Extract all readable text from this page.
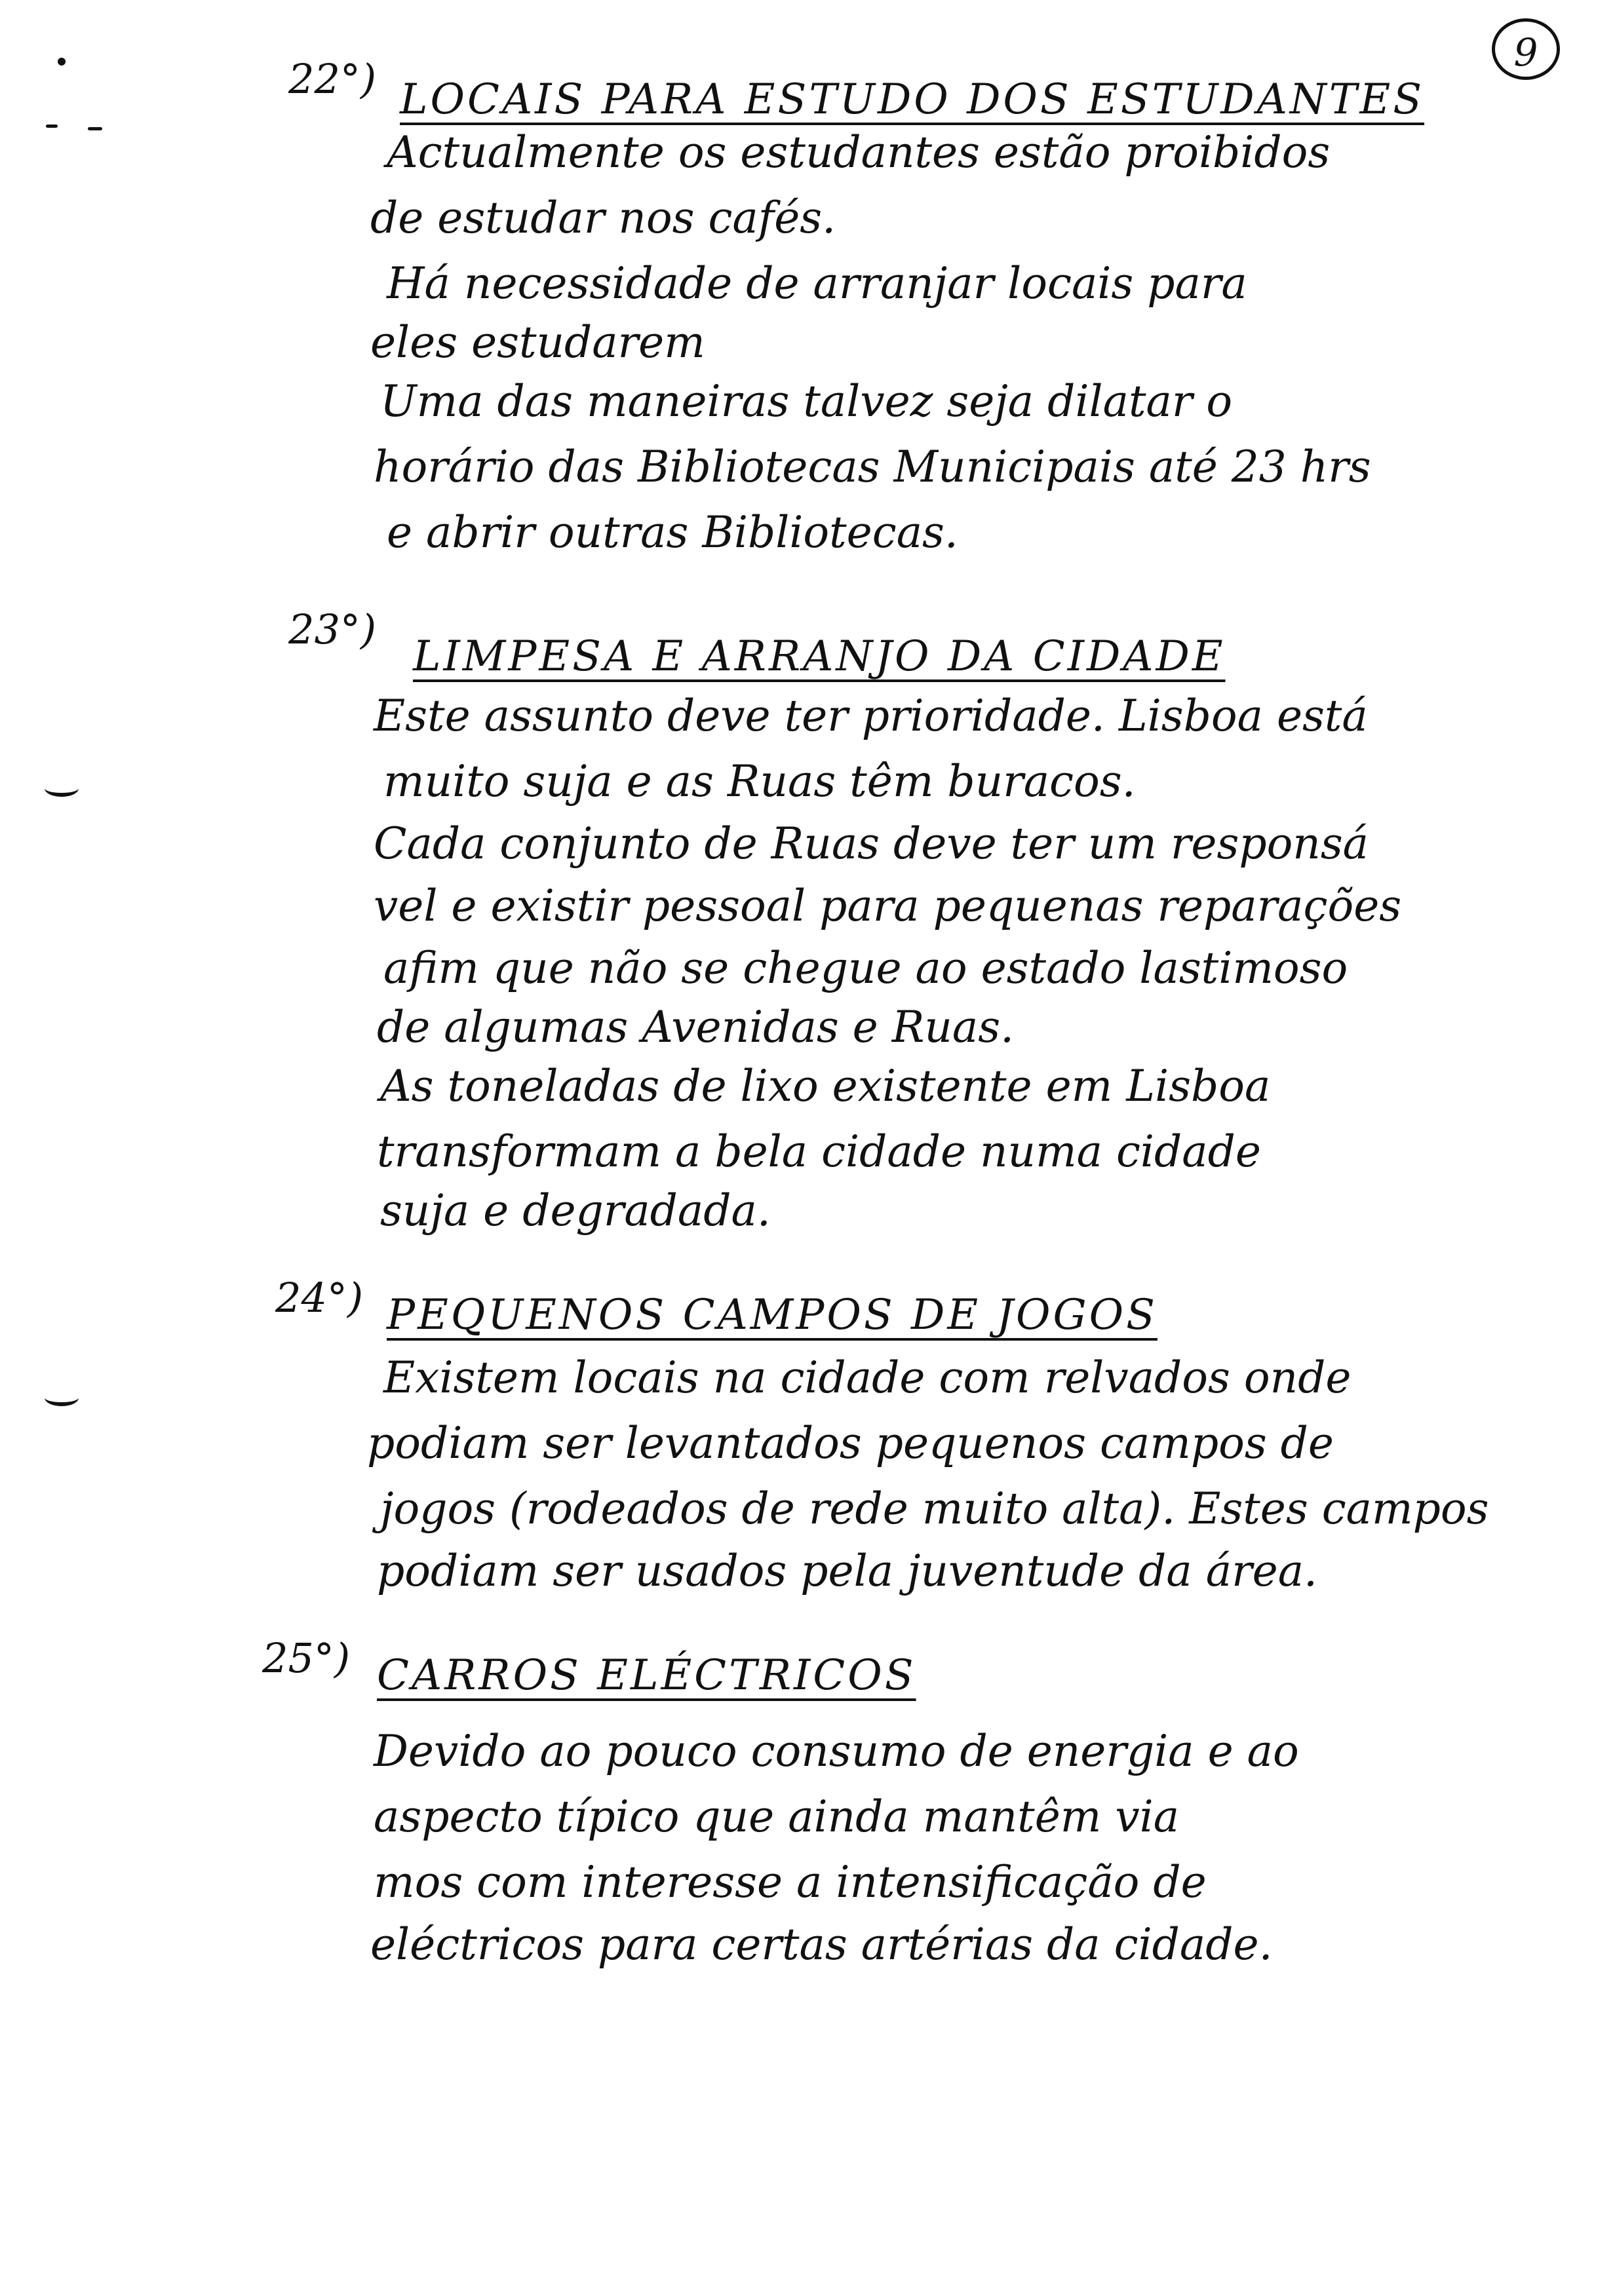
9
22°) LOCAIS PARA ESTUDO DOS ESTUDANTES
Actualmente os estudantes estão proibidos
de estudar nos cafés.
Há necessidade de arranjar locais para
eles estudarem
Uma das maneiras talvez seja dilatar o
horário das Bibliotecas Municipais até 23 hrs
e abrir outras Bibliotecas.
23°)
LIMPESA E ARRANJO DA CIDADE
Este assunto deve ter prioridade. Lisboa está
muito suja e as Ruas têm buracos.
Cada conjunto de Ruas deve ter um responsá
vel e existir pessoal para pequenas reparações
afim que não se chegue ao estado lastimoso
de algumas Avenidas e Ruas.
As toneladas de lixo existente em Lisboa
transformam a bela cidade numa cidade
suja e degradada.
24°) PEQUENOS CAMPOS DE JOGOS
Existem locais na cidade com relvados onde
podiam ser levantados pequenos campos de
jogos (rodeados de rede muito alta). Estes campos
podiam ser usados pela juventude da área.
25°) CARROS ELÉCTRICOS
Devido ao pouco consumo de energia e ao
aspecto típico que ainda mantêm via
mos com interesse a intensificação de
eléctricos para certas artérias da cidade.
